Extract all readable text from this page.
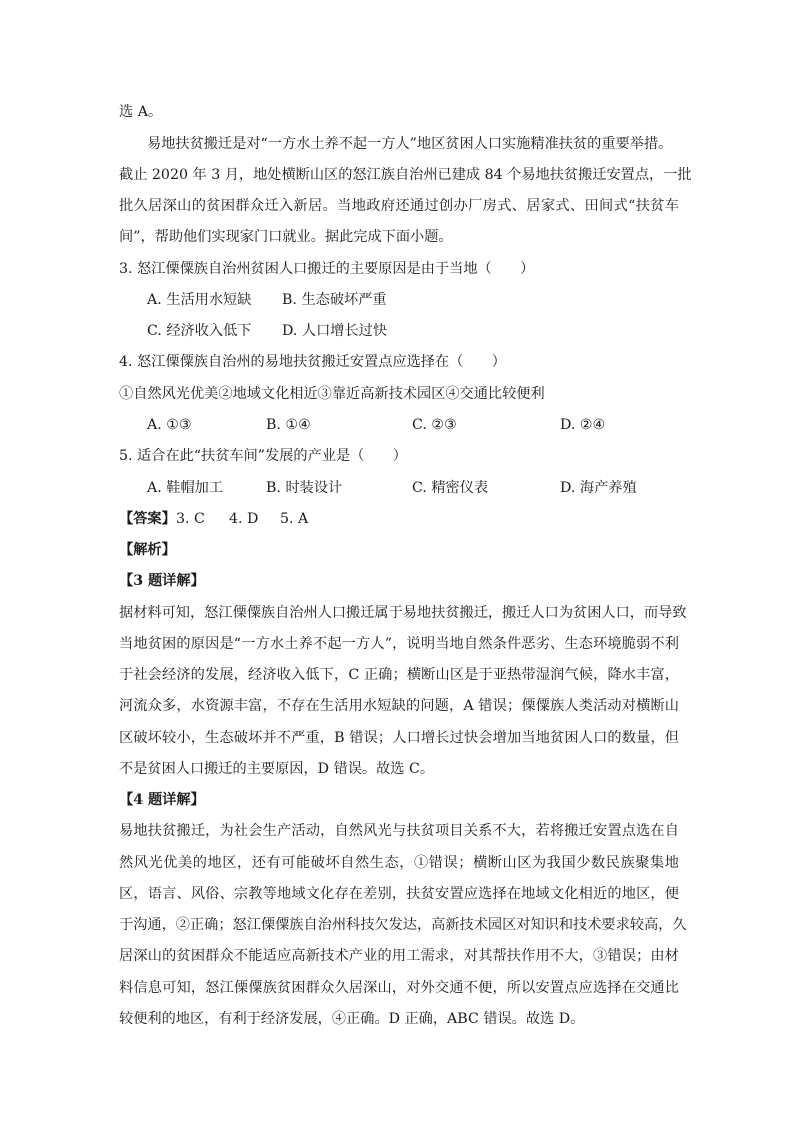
选 A。
易地扶贫搬迁是对“一方水土养不起一方人”地区贫困人口实施精准扶贫的重要举措。
截止 2020 年 3 月，地处横断山区的怒江族自治州已建成 84 个易地扶贫搬迁安置点，一批
批久居深山的贫困群众迁入新居。当地政府还通过创办厂房式、居家式、田间式“扶贫车
间”，帮助他们实现家门口就业。据此完成下面小题。
3. 怒江傈僳族自治州贫困人口搬迁的主要原因是由于当地（　　）
A. 生活用水短缺 B. 生态破坏严重
C. 经济收入低下 D. 人口增长过快
4. 怒江傈僳族自治州的易地扶贫搬迁安置点应选择在（　　）
①自然风光优美②地域文化相近③靠近高新技术园区④交通比较便利
A. ①③	B. ①④	C. ②③	D. ②④
5. 适合在此“扶贫车间”发展的产业是（　　）
A. 鞋帽加工	B. 时装设计	C. 精密仪表	D. 海产养殖
【答案】 3. C 4. D 5. A
【解析】
【3 题详解】
据材料可知，怒江傈僳族自治州人口搬迁属于易地扶贫搬迁，搬迁人口为贫困人口，而导致
当地贫困的原因是“一方水土养不起一方人”，说明当地自然条件恶劣、生态环境脆弱不利
于社会经济的发展，经济收入低下，C 正确；横断山区是于亚热带湿润气候，降水丰富，
河流众多，水资源丰富，不存在生活用水短缺的问题，A 错误；傈僳族人类活动对横断山
区破坏较小，生态破坏并不严重，B 错误；人口增长过快会增加当地贫困人口的数量，但
不是贫困人口搬迁的主要原因，D 错误。故选 C。
【4 题详解】
易地扶贫搬迁，为社会生产活动，自然风光与扶贫项目关系不大，若将搬迁安置点选在自
然风光优美的地区，还有可能破坏自然生态，①错误；横断山区为我国少数民族聚集地
区，语言、风俗、宗教等地域文化存在差别，扶贫安置应选择在地域文化相近的地区，便
于沟通，②正确；怒江傈僳族自治州科技欠发达，高新技术园区对知识和技术要求较高，久
居深山的贫困群众不能适应高新技术产业的用工需求，对其帮扶作用不大，③错误；由材
料信息可知，怒江傈僳族贫困群众久居深山，对外交通不便，所以安置点应选择在交通比
较便利的地区，有利于经济发展，④正确。D 正确，ABC 错误。故选 D。
